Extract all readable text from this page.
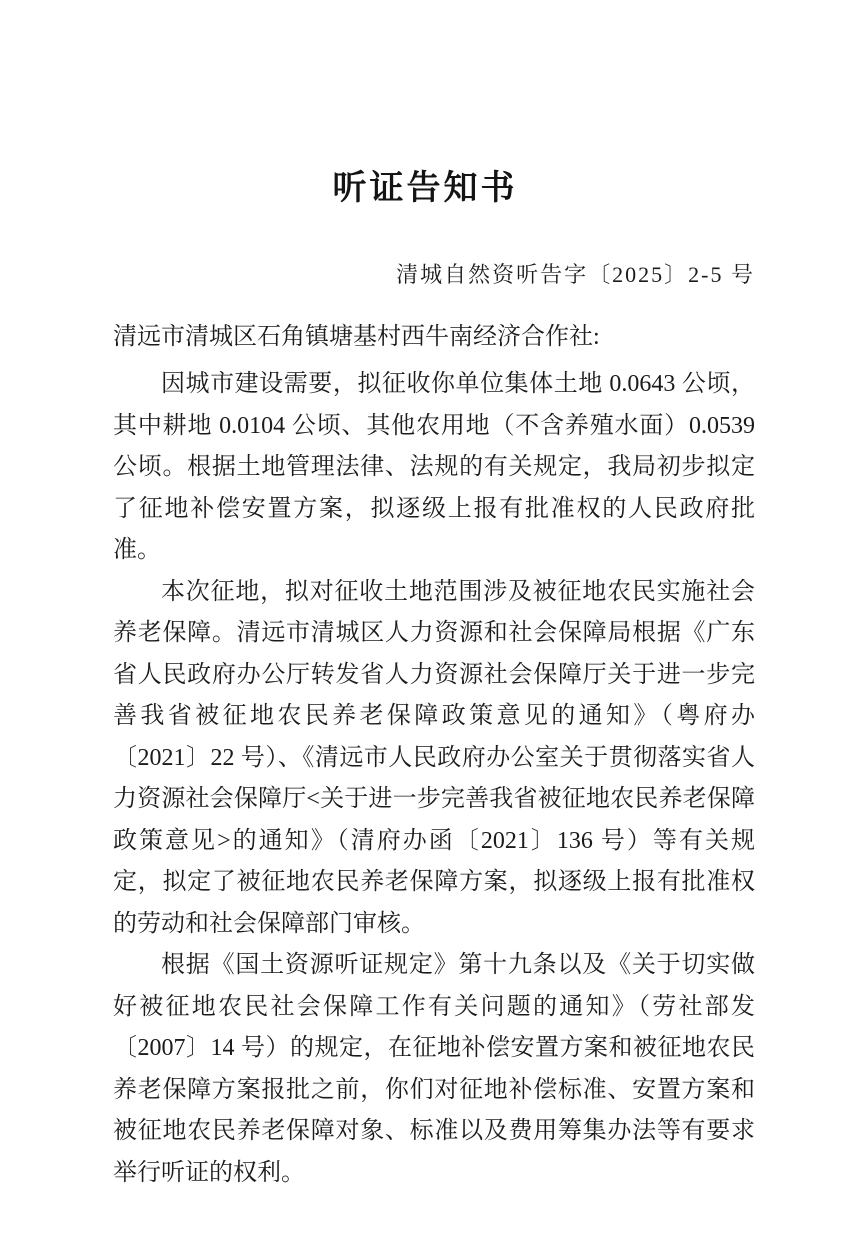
听证告知书
清城自然资听告字〔2025〕2-5 号
清远市清城区石角镇塘基村西牛南经济合作社:

因城市建设需要，拟征收你单位集体土地 0.0643 公顷，其中耕地 0.0104 公顷、其他农用地（不含养殖水面）0.0539 公顷。根据土地管理法律、法规的有关规定，我局初步拟定了征地补偿安置方案，拟逐级上报有批准权的人民政府批准。

本次征地，拟对征收土地范围涉及被征地农民实施社会养老保障。清远市清城区人力资源和社会保障局根据《广东省人民政府办公厅转发省人力资源社会保障厅关于进一步完善我省被征地农民养老保障政策意见的通知》（粤府办〔2021〕22 号）、《清远市人民政府办公室关于贯彻落实省人力资源社会保障厅<关于进一步完善我省被征地农民养老保障政策意见>的通知》（清府办函〔2021〕136 号）等有关规定，拟定了被征地农民养老保障方案，拟逐级上报有批准权的劳动和社会保障部门审核。

根据《国土资源听证规定》第十九条以及《关于切实做好被征地农民社会保障工作有关问题的通知》（劳社部发〔2007〕14 号）的规定，在征地补偿安置方案和被征地农民养老保障方案报批之前，你们对征地补偿标准、安置方案和被征地农民养老保障对象、标准以及费用筹集办法等有要求举行听证的权利。
